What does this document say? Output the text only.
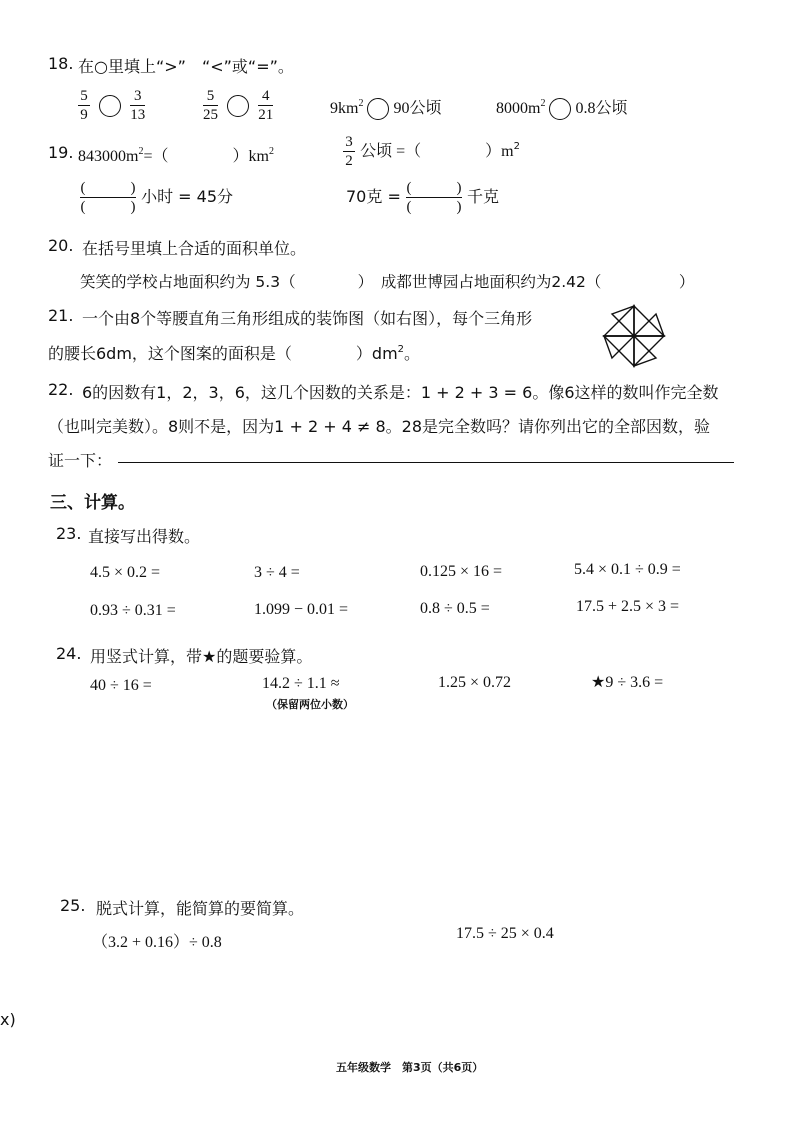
18. 在○里填上“>”　“<”或“=”。
$\frac{5}{9}$
	$\frac{3}{13}$	$\frac{5}{25}$
	$\frac{4}{21}$	$9km^2$ 90公顷	$8000m^2$ 0.8公顷
19. $843000m^2=$（　　　　）$km^2$	$\frac{3}{2}$ 公顷 =（　　　　）$m^2$
$\frac{( )}{( )}$ 小时 = 45分	70克 = $\frac{( )}{( )}$ 千克
20. 在括号里填上合适的面积单位。
笑笑的学校占地面积约为 5.3（　　　　）　成都世博园占地面积约为2.42（　　　　　）
21. 一个由8个等腰直角三角形组成的装饰图（如右图），每个三角形
的腰长6dm，这个图案的面积是（　　　　）$dm^2$。
22. 6的因数有1，2，3，6，这几个因数的关系是：1 + 2 + 3 = 6。像6这样的数叫作完全数
（也叫完美数）。8则不是，因为1 + 2 + 4 ≠ 8。28是完全数吗？请你列出它的全部因数，验
证一下：
三、计算。
23. 直接写出得数。
4.5 × 0.2 =	3 ÷ 4 =	0.125 × 16 =	5.4 × 0.1 ÷ 0.9 =
0.93 ÷ 0.31 =	1.099 − 0.01 =	0.8 ÷ 0.5 =	17.5 + 2.5 × 3 =
24. 用竖式计算，带★的题要验算。
40 ÷ 16 =	14.2 ÷ 1.1 ≈
（保留两位小数）
1.25 × 0.72	★9 ÷ 3.6 =
25. 脱式计算，能简算的要简算。
（3.2 + 0.16）÷ 0.8
17.5 ÷ 25 × 0.4
x)
五年级数学　第3页（共6页）
